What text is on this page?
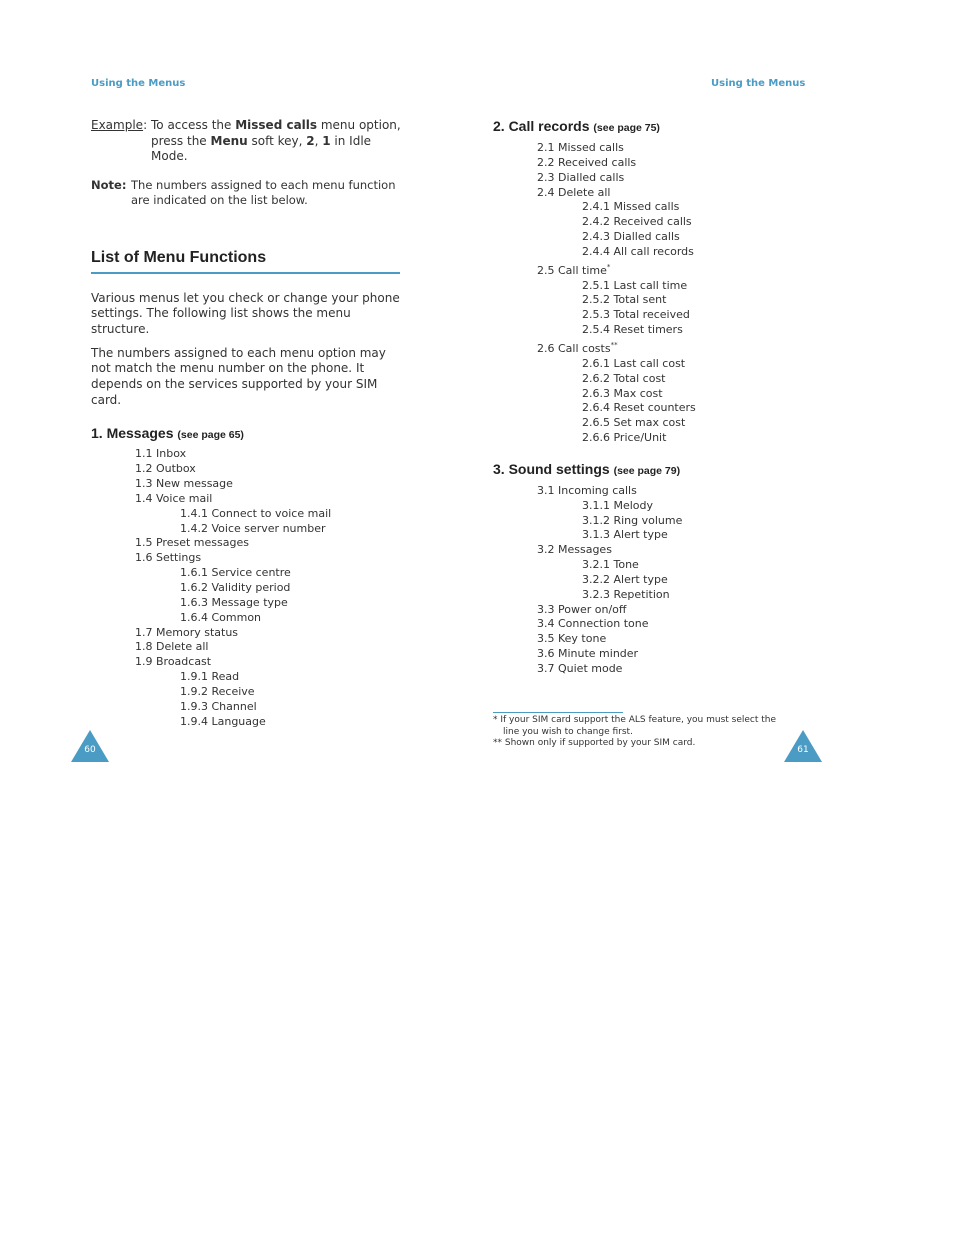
Using the Menus	Using the Menus
Example: To access the Missed calls menu option, press the Menu soft key, 2, 1 in Idle Mode.
Note: The numbers assigned to each menu function are indicated on the list below.
List of Menu Functions
Various menus let you check or change your phone settings. The following list shows the menu structure.
The numbers assigned to each menu option may not match the menu number on the phone. It depends on the services supported by your SIM card.
1. Messages (see page 65)
1.1 Inbox
1.2 Outbox
1.3 New message
1.4 Voice mail
1.4.1 Connect to voice mail
1.4.2 Voice server number
1.5 Preset messages
1.6 Settings
1.6.1 Service centre
1.6.2 Validity period
1.6.3 Message type
1.6.4 Common
1.7 Memory status
1.8 Delete all
1.9 Broadcast
1.9.1 Read
1.9.2 Receive
1.9.3 Channel
1.9.4 Language
2. Call records (see page 75)
2.1 Missed calls
2.2 Received calls
2.3 Dialled calls
2.4 Delete all
2.4.1 Missed calls
2.4.2 Received calls
2.4.3 Dialled calls
2.4.4 All call records
2.5 Call time*
2.5.1 Last call time
2.5.2 Total sent
2.5.3 Total received
2.5.4 Reset timers
2.6 Call costs**
2.6.1 Last call cost
2.6.2 Total cost
2.6.3 Max cost
2.6.4 Reset counters
2.6.5 Set max cost
2.6.6 Price/Unit
3. Sound settings (see page 79)
3.1 Incoming calls
3.1.1 Melody
3.1.2 Ring volume
3.1.3 Alert type
3.2 Messages
3.2.1 Tone
3.2.2 Alert type
3.2.3 Repetition
3.3 Power on/off
3.4 Connection tone
3.5 Key tone
3.6 Minute minder
3.7 Quiet mode
* If your SIM card support the ALS feature, you must select the
line you wish to change first.
** Shown only if supported by your SIM card.
60	61
